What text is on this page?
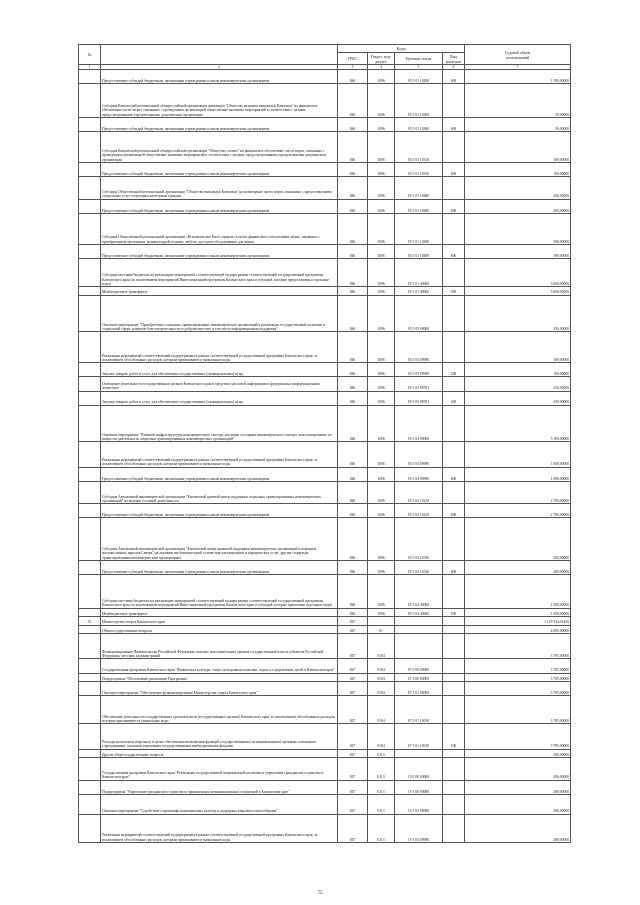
№		Коды				Годовой объем
ассигнований

		ГРБС	Раздел, под-
раздел	Целевая статья	Вид
расходов	
1	2	3	4	5	6	7
	Предоставление субсидий бюджетным, автономным учреждениям и иным некоммерческим организациям	846	1006	05 5 01 10280	600	1 590,00000
	Субсидия Камчатской региональной общероссийской организации инвалидов "Общество незрячих инвалидов Камчатки" на финансовое обеспечение части затрат, связанных с проведением организацией общественно-значимых мероприятий в соответствии с целями, предусмотренными учредительными документами организации	846	1006	05 5 01 10300		50,00000
	Предоставление субсидий бюджетным, автономным учреждениям и иным некоммерческим организациям	846	1006	05 5 01 10300	600	50,00000
	Субсидия Камчатской региональной общероссийской организации "Общество слепых" на финансовое обеспечение части затрат, связанных с проведением организацией общественно-значимых мероприятий в соответствии с целями, предусмотренными учредительными документами организации	846	1006	05 5 01 10310		100,00000
	Предоставление субсидий бюджетным, автономным учреждениям и иным некоммерческим организациям	846	1006	05 5 01 10310	600	100,00000
	Субсидия Общественной региональной организации "Общество инвалидов Камчатки" на возмещение части затрат, связанных с предоставлением социальных услуг отдельным категориям граждан	846	1006	05 5 01 10480		200,00000
	Предоставление субсидий бюджетным, автономным учреждениям и иным некоммерческим организациям	846	1006	05 5 01 10480	600	200,00000
	Субсидия Общественной региональной организации «Всекамчатское Енот саранов» в целях финансового обеспечения затрат, связанных с приобретением оргтехники, компьютерной техники, мебели, доступом обслуживания для жилья	846	1006	05 5 01 10490		390,00000
	Предоставление субсидий бюджетным, автономным учреждениям и иным некоммерческим организациям	846	1006	05 5 01 10490	600	390,00000
	Субсидии местным бюджетам на реализацию мероприятий соответствующей подпрограммы соответствующей государственной программы Камчатского края (за исключением мероприятий Инвестиционной программы Камчатского края и субсидий, которые предоставлены отдельные коды)	846	1006	05 5 01 40060		3 600,00000
	Межбюджетные трансферты	846	1006	05 5 01 40060	500	3 600,00000
	Основное мероприятие "Приобретение социально ориентированных некоммерческих организаций к реализации государственной политики в социальной сфере, развитие благотворительности и добровольчества, в том числе информационная поддержка"	846	1006	05 5 03 00000		350,00000
	Реализация мероприятий соответствующей подпрограммы в рамках соответствующей государственной программы Камчатского края, за исключением обособленных расходов, которым присваиваются уникальные коды	846	1006	05 5 03 09990		100,00000
	Закупка товаров, работ и услуг для обеспечения государственных (муниципальных) нужд	846	1006	05 5 03 09990	200	100,00000
	Освещение деятельности государственных органов Камчатского края в средствах массовой информации и федеральных информационных агентствах	846	1006	05 5 03 98701		250,00000
	Закупка товаров, работ и услуг для обеспечения государственных (муниципальных) нужд	846	1006	05 5 03 98701	200	250,00000
	Основное мероприятие "Развитие инфраструктуры некоммерческого сектора, изучение состояния некоммерческого сектора, консультирование по вопросам деятельности социально ориентированных некоммерческих организаций"	846	1006	05 5 04 00000		5 100,00000
	Реализация мероприятий соответствующей подпрограммы в рамках соответствующей государственной программы Камчатского края, за исключением обособленных расходов, которым присваиваются уникальные коды	846	1006	05 5 04 09990		1 000,00000
	Предоставление субсидий бюджетным, автономным учреждениям и иным некоммерческим организациям	846	1006	05 5 04 09990	600	1 000,00000
	Субсидия Автономной некоммерческой организации "Камчатский краевой центр поддержки социально ориентированных некоммерческих организаций" на ведение уставной деятельности	846	1006	05 5 04 10210		2 700,00000
	Предоставление субсидий бюджетным, автономным учреждениям и иным некоммерческим организациям	846	1006	05 5 04 10210	600	2 700,00000
	Субсидия Автономной некоммерческой организации "Камчатский центр правовой поддержки некоммерческих организаций и коренных малочисленных народов Севера" на оказание им безвозмездной основе консультационных и юридических услуг другим социально ориентированным некоммерческим организациям	846	1006	05 5 04 10330		200,00000
	Предоставление субсидий бюджетным, автономным учреждениям и иным некоммерческим организациям	846	1006	05 5 04 10330	600	200,00000
	Субсидии местным бюджетам на реализацию мероприятий соответствующей подпрограммы соответствующей государственной программы Камчатского края (за исключением мероприятий Инвестиционной программы Камчатского края и субсидий, которые присвоены отдельные коды)	846	1006	05 5 04 40060		1 200,00000
	Межбюджетные трансферты	846	1006	05 5 04 40060	500	1 200,00000
31	Министерство спорта Камчатского края	847				1 129 334,01400
	Общегосударственные вопросы	847	01			4 065,00000
	Функционирование Правительства Российской Федерации, высших исполнительных органов государственной власти субъектов Российской Федерации, местных администраций	847	0104			3 785,00000
	Государственная программа Камчатского края "Физическая культура, спорт, молодежная политика, отдых и оздоровление детей в Камчатском крае"	847	0104	07 0 00 00000		3 785,00000
	Подпрограмма "Обеспечение реализации Программы"	847	0104	07 3 00 00000		3 785,00000
	Основное мероприятие "Обеспечение функционирования Министерства спорта Камчатского края"	847	0104	07 3 01 00000		3 785,00000
	Обеспечение деятельности государственных органов власти (государственных органов) Камчатского края, за исключением обособленных расходов, которым присваиваются уникальные коды	847	0104	07 3 01 10010		3 785,00000
	Расходы на выплаты персоналу в целях обеспечения выполнения функций государственными (муниципальными) органами, казенными учреждениями, органами управления государственными внебюджетными фондами	847	0104	07 3 01 10010	100	3 785,00000
	Другие общегосударственные вопросы	847	0113			280,00000
	Государственная программа Камчатского края "Реализация государственной национальной политики и укрепление гражданского единства в Камчатском крае"	847	0113	19 0 00 00000		280,00000
	Подпрограмма "Укрепление гражданского единства и гармонизация межнациональных отношений в Камчатском крае"	847	0113	19 1 00 00000		280,00000
	Основное мероприятие "Содействие сохранению национальных культур и поддержка языкового многообразия"	847	0113	19 1 03 00000		280,00000
	Реализация мероприятий соответствующей подпрограммы в рамках соответствующей государственной программы Камчатского края, за исключением обособленных расходов, которым присваиваются уникальные коды	847	0113	19 1 03 09990		280,00000
75
